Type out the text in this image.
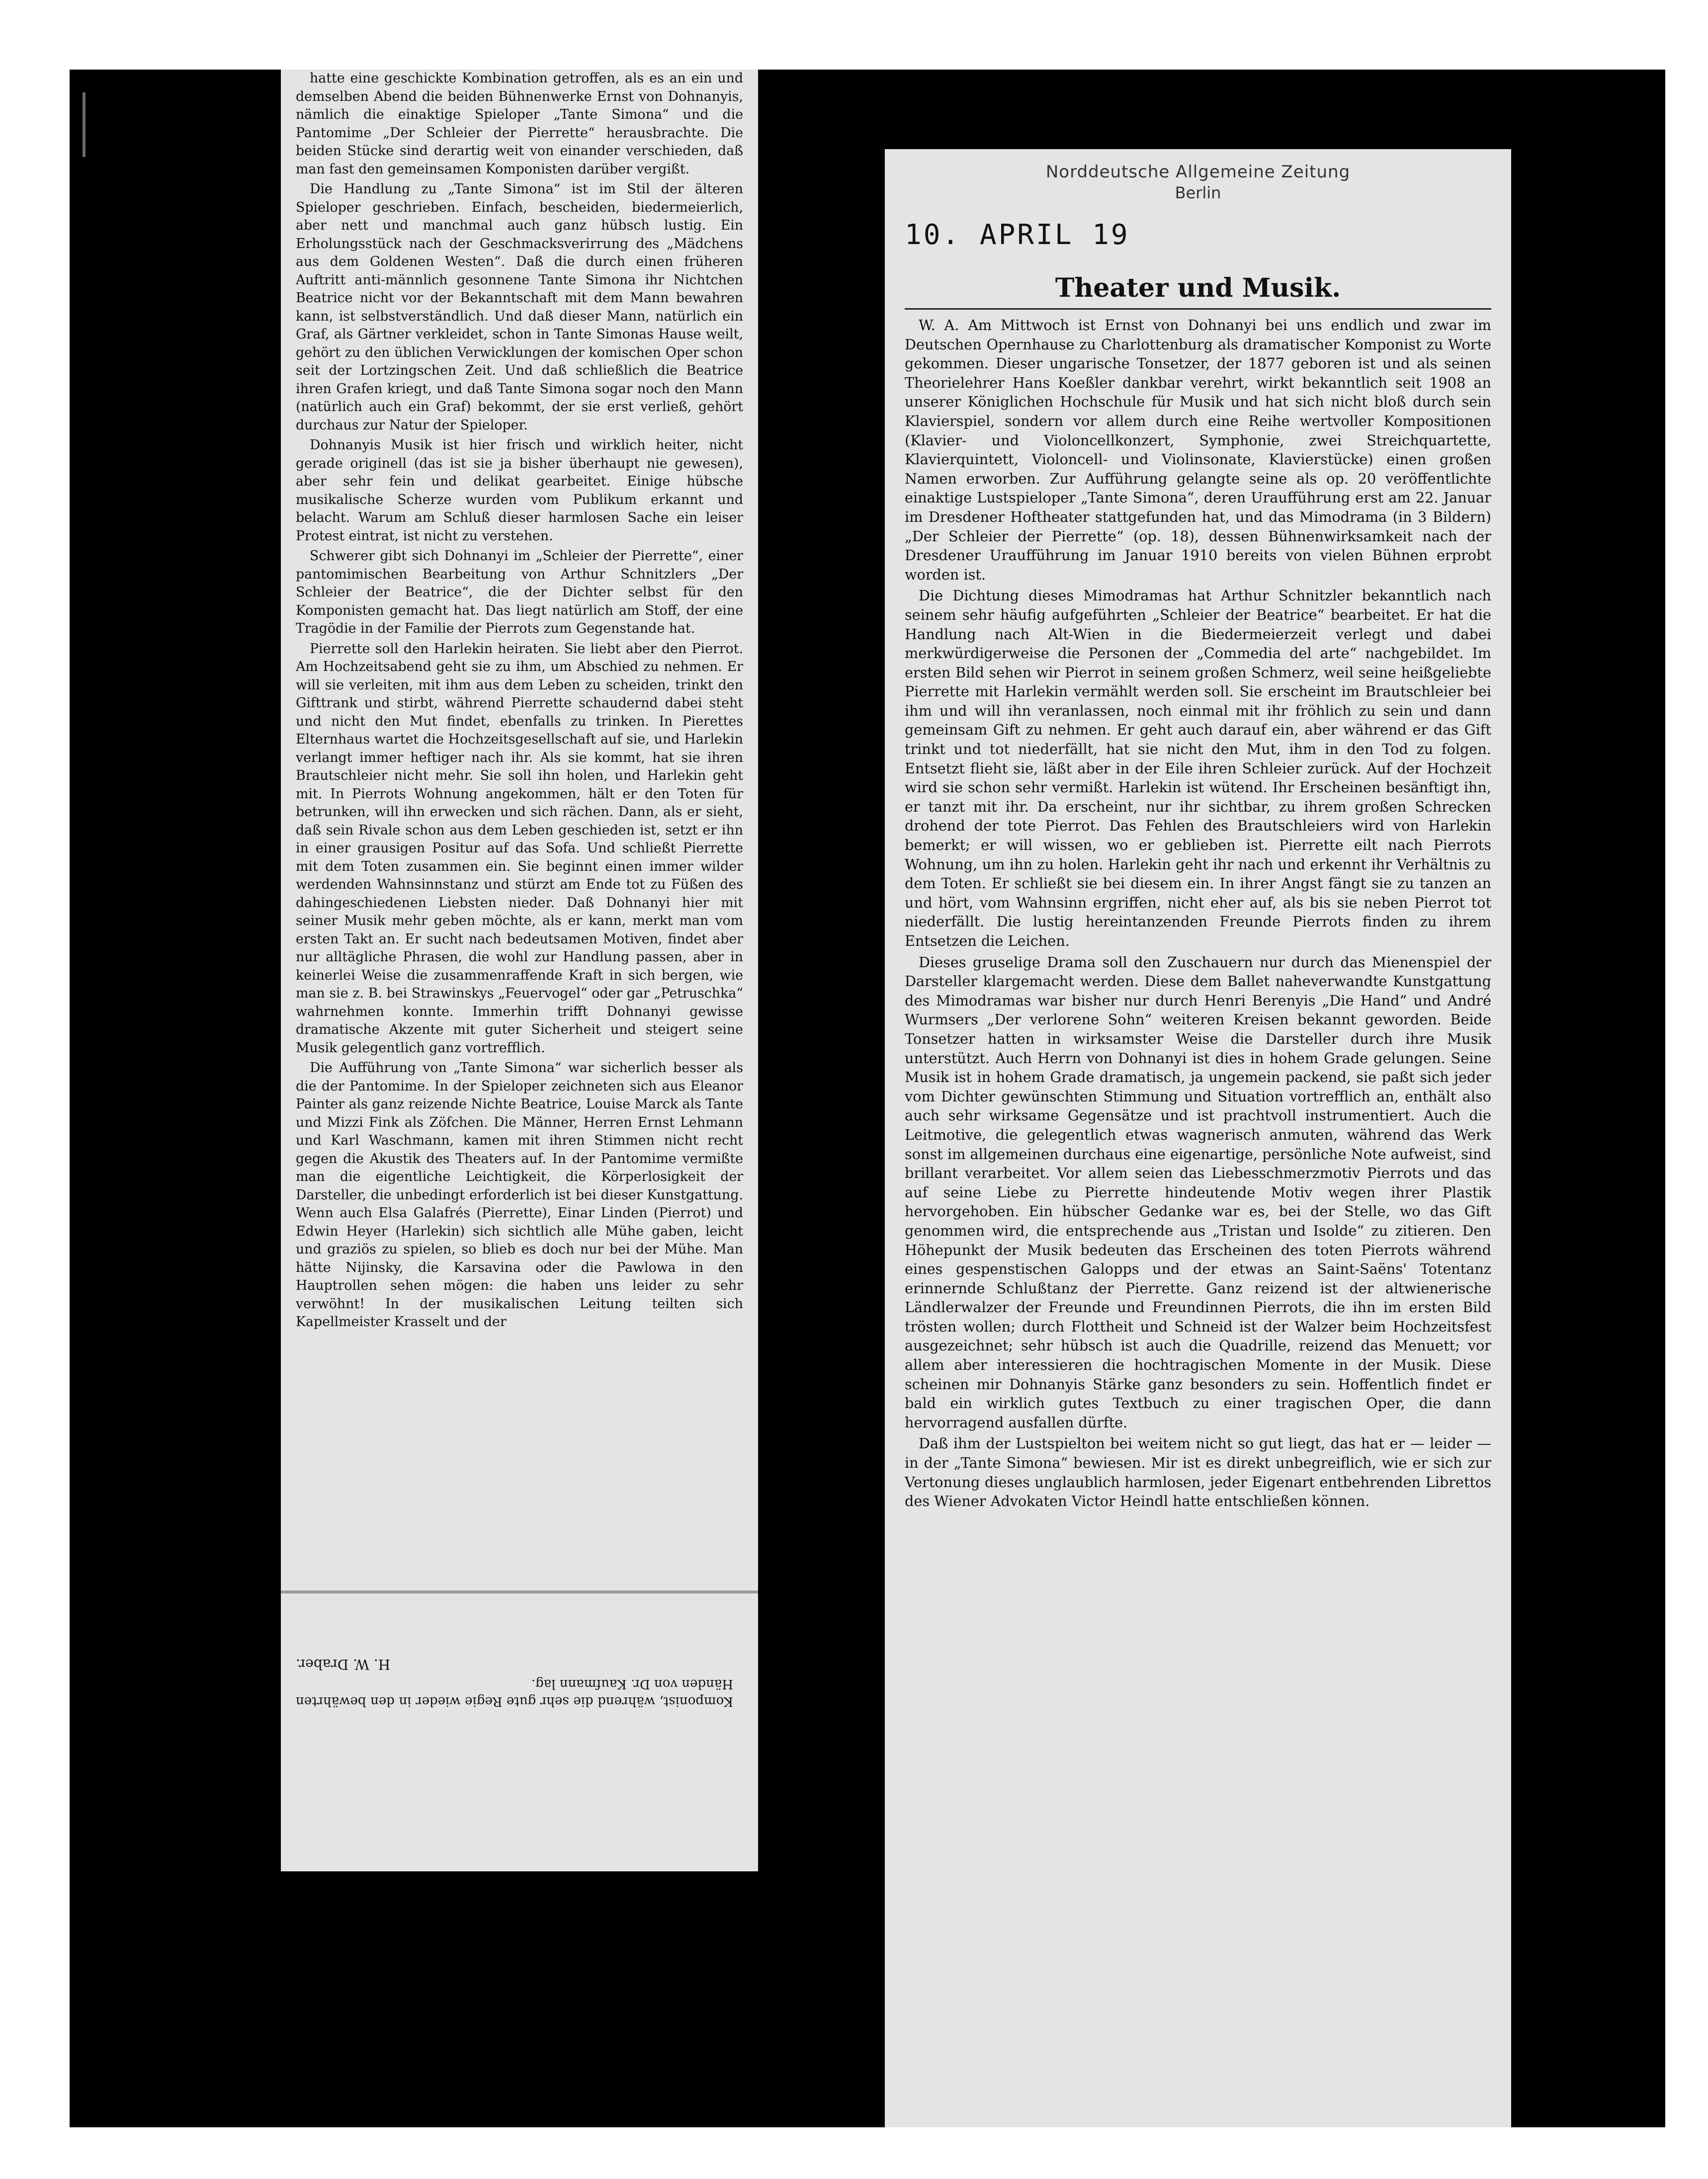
hatte eine geschickte Kombination getroffen, als es an ein und demselben Abend die beiden Bühnenwerke Ernst von Dohnanyis, nämlich die einaktige Spieloper „Tante Simona“ und die Pantomime „Der Schleier der Pierrette“ herausbrachte. Die beiden Stücke sind derartig weit von einander verschieden, daß man fast den gemeinsamen Komponisten darüber vergißt.

Die Handlung zu „Tante Simona“ ist im Stil der älteren Spieloper geschrieben. Einfach, bescheiden, biedermeierlich, aber nett und manchmal auch ganz hübsch lustig. Ein Erholungsstück nach der Geschmacksverirrung des „Mädchens aus dem Goldenen Westen“. Daß die durch einen früheren Auftritt anti-männlich gesonnene Tante Simona ihr Nichtchen Beatrice nicht vor der Bekanntschaft mit dem Mann bewahren kann, ist selbstverständlich. Und daß dieser Mann, natürlich ein Graf, als Gärtner verkleidet, schon in Tante Simonas Hause weilt, gehört zu den üblichen Verwicklungen der komischen Oper schon seit der Lortzingschen Zeit. Und daß schließlich die Beatrice ihren Grafen kriegt, und daß Tante Simona sogar noch den Mann (natürlich auch ein Graf) bekommt, der sie erst verließ, gehört durchaus zur Natur der Spieloper.

Dohnanyis Musik ist hier frisch und wirklich heiter, nicht gerade originell (das ist sie ja bisher überhaupt nie gewesen), aber sehr fein und delikat gearbeitet. Einige hübsche musikalische Scherze wurden vom Publikum erkannt und belacht. Warum am Schluß dieser harmlosen Sache ein leiser Protest eintrat, ist nicht zu verstehen.

Schwerer gibt sich Dohnanyi im „Schleier der Pierrette“, einer pantomimischen Bearbeitung von Arthur Schnitzlers „Der Schleier der Beatrice“, die der Dichter selbst für den Komponisten gemacht hat. Das liegt natürlich am Stoff, der eine Tragödie in der Familie der Pierrots zum Gegenstande hat.

Pierrette soll den Harlekin heiraten. Sie liebt aber den Pierrot. Am Hochzeitsabend geht sie zu ihm, um Abschied zu nehmen. Er will sie verleiten, mit ihm aus dem Leben zu scheiden, trinkt den Gifttrank und stirbt, während Pierrette schaudernd dabei steht und nicht den Mut findet, ebenfalls zu trinken. In Pierettes Elternhaus wartet die Hochzeitsgesellschaft auf sie, und Harlekin verlangt immer heftiger nach ihr. Als sie kommt, hat sie ihren Brautschleier nicht mehr. Sie soll ihn holen, und Harlekin geht mit. In Pierrots Wohnung angekommen, hält er den Toten für betrunken, will ihn erwecken und sich rächen. Dann, als er sieht, daß sein Rivale schon aus dem Leben geschieden ist, setzt er ihn in einer grausigen Positur auf das Sofa. Und schließt Pierrette mit dem Toten zusammen ein. Sie beginnt einen immer wilder werdenden Wahnsinnstanz und stürzt am Ende tot zu Füßen des dahingeschiedenen Liebsten nieder. Daß Dohnanyi hier mit seiner Musik mehr geben möchte, als er kann, merkt man vom ersten Takt an. Er sucht nach bedeutsamen Motiven, findet aber nur alltägliche Phrasen, die wohl zur Handlung passen, aber in keinerlei Weise die zusammenraffende Kraft in sich bergen, wie man sie z. B. bei Strawinskys „Feuervogel“ oder gar „Petruschka“ wahrnehmen konnte. Immerhin trifft Dohnanyi gewisse dramatische Akzente mit guter Sicherheit und steigert seine Musik gelegentlich ganz vortrefflich.

Die Aufführung von „Tante Simona“ war sicherlich besser als die der Pantomime. In der Spieloper zeichneten sich aus Eleanor Painter als ganz reizende Nichte Beatrice, Louise Marck als Tante und Mizzi Fink als Zöfchen. Die Männer, Herren Ernst Lehmann und Karl Waschmann, kamen mit ihren Stimmen nicht recht gegen die Akustik des Theaters auf. In der Pantomime vermißte man die eigentliche Leichtigkeit, die Körperlosigkeit der Darsteller, die unbedingt erforderlich ist bei dieser Kunstgattung. Wenn auch Elsa Galafrés (Pierrette), Einar Linden (Pierrot) und Edwin Heyer (Harlekin) sich sichtlich alle Mühe gaben, leicht und graziös zu spielen, so blieb es doch nur bei der Mühe. Man hätte Nijinsky, die Karsavina oder die Pawlowa in den Hauptrollen sehen mögen: die haben uns leider zu sehr verwöhnt! In der musikalischen Leitung teilten sich Kapellmeister Krasselt und der

Komponist, während die sehr gute Regie wieder in den bewährten Händen von Dr. Kaufmann lag.

H. W. Draber.

Norddeutsche Allgemeine Zeitung
Berlin
10. APRIL 19
Theater und Musik.

W. A. Am Mittwoch ist Ernst von Dohnanyi bei uns endlich und zwar im Deutschen Opernhause zu Charlottenburg als dramatischer Komponist zu Worte gekommen. Dieser ungarische Tonsetzer, der 1877 geboren ist und als seinen Theorielehrer Hans Koeßler dankbar verehrt, wirkt bekanntlich seit 1908 an unserer Königlichen Hochschule für Musik und hat sich nicht bloß durch sein Klavierspiel, sondern vor allem durch eine Reihe wertvoller Kompositionen (Klavier- und Violoncellkonzert, Symphonie, zwei Streichquartette, Klavierquintett, Violoncell- und Violinsonate, Klavierstücke) einen großen Namen erworben. Zur Aufführung gelangte seine als op. 20 veröffentlichte einaktige Lustspieloper „Tante Simona“, deren Uraufführung erst am 22. Januar im Dresdener Hoftheater stattgefunden hat, und das Mimodrama (in 3 Bildern) „Der Schleier der Pierrette“ (op. 18), dessen Bühnenwirksamkeit nach der Dresdener Uraufführung im Januar 1910 bereits von vielen Bühnen erprobt worden ist.

Die Dichtung dieses Mimodramas hat Arthur Schnitzler bekanntlich nach seinem sehr häufig aufgeführten „Schleier der Beatrice“ bearbeitet. Er hat die Handlung nach Alt-Wien in die Biedermeierzeit verlegt und dabei merkwürdigerweise die Personen der „Commedia del arte“ nachgebildet. Im ersten Bild sehen wir Pierrot in seinem großen Schmerz, weil seine heißgeliebte Pierrette mit Harlekin vermählt werden soll. Sie erscheint im Brautschleier bei ihm und will ihn veranlassen, noch einmal mit ihr fröhlich zu sein und dann gemeinsam Gift zu nehmen. Er geht auch darauf ein, aber während er das Gift trinkt und tot niederfällt, hat sie nicht den Mut, ihm in den Tod zu folgen. Entsetzt flieht sie, läßt aber in der Eile ihren Schleier zurück. Auf der Hochzeit wird sie schon sehr vermißt. Harlekin ist wütend. Ihr Erscheinen besänftigt ihn, er tanzt mit ihr. Da erscheint, nur ihr sichtbar, zu ihrem großen Schrecken drohend der tote Pierrot. Das Fehlen des Brautschleiers wird von Harlekin bemerkt; er will wissen, wo er geblieben ist. Pierrette eilt nach Pierrots Wohnung, um ihn zu holen. Harlekin geht ihr nach und erkennt ihr Verhältnis zu dem Toten. Er schließt sie bei diesem ein. In ihrer Angst fängt sie zu tanzen an und hört, vom Wahnsinn ergriffen, nicht eher auf, als bis sie neben Pierrot tot niederfällt. Die lustig hereintanzenden Freunde Pierrots finden zu ihrem Entsetzen die Leichen.

Dieses gruselige Drama soll den Zuschauern nur durch das Mienenspiel der Darsteller klargemacht werden. Diese dem Ballet naheverwandte Kunstgattung des Mimodramas war bisher nur durch Henri Berenyis „Die Hand“ und André Wurmsers „Der verlorene Sohn“ weiteren Kreisen bekannt geworden. Beide Tonsetzer hatten in wirksamster Weise die Darsteller durch ihre Musik unterstützt. Auch Herrn von Dohnanyi ist dies in hohem Grade gelungen. Seine Musik ist in hohem Grade dramatisch, ja ungemein packend, sie paßt sich jeder vom Dichter gewünschten Stimmung und Situation vortrefflich an, enthält also auch sehr wirksame Gegensätze und ist prachtvoll instrumentiert. Auch die Leitmotive, die gelegentlich etwas wagnerisch anmuten, während das Werk sonst im allgemeinen durchaus eine eigenartige, persönliche Note aufweist, sind brillant verarbeitet. Vor allem seien das Liebesschmerzmotiv Pierrots und das auf seine Liebe zu Pierrette hindeutende Motiv wegen ihrer Plastik hervorgehoben. Ein hübscher Gedanke war es, bei der Stelle, wo das Gift genommen wird, die entsprechende aus „Tristan und Isolde“ zu zitieren. Den Höhepunkt der Musik bedeuten das Erscheinen des toten Pierrots während eines gespenstischen Galopps und der etwas an Saint-Saëns' Totentanz erinnernde Schlußtanz der Pierrette. Ganz reizend ist der altwienerische Ländlerwalzer der Freunde und Freundinnen Pierrots, die ihn im ersten Bild trösten wollen; durch Flottheit und Schneid ist der Walzer beim Hochzeitsfest ausgezeichnet; sehr hübsch ist auch die Quadrille, reizend das Menuett; vor allem aber interessieren die hochtragischen Momente in der Musik. Diese scheinen mir Dohnanyis Stärke ganz besonders zu sein. Hoffentlich findet er bald ein wirklich gutes Textbuch zu einer tragischen Oper, die dann hervorragend ausfallen dürfte.

Daß ihm der Lustspielton bei weitem nicht so gut liegt, das hat er — leider — in der „Tante Simona“ bewiesen. Mir ist es direkt unbegreiflich, wie er sich zur Vertonung dieses unglaublich harmlosen, jeder Eigenart entbehrenden Librettos des Wiener Advokaten Victor Heindl hatte entschließen können.
